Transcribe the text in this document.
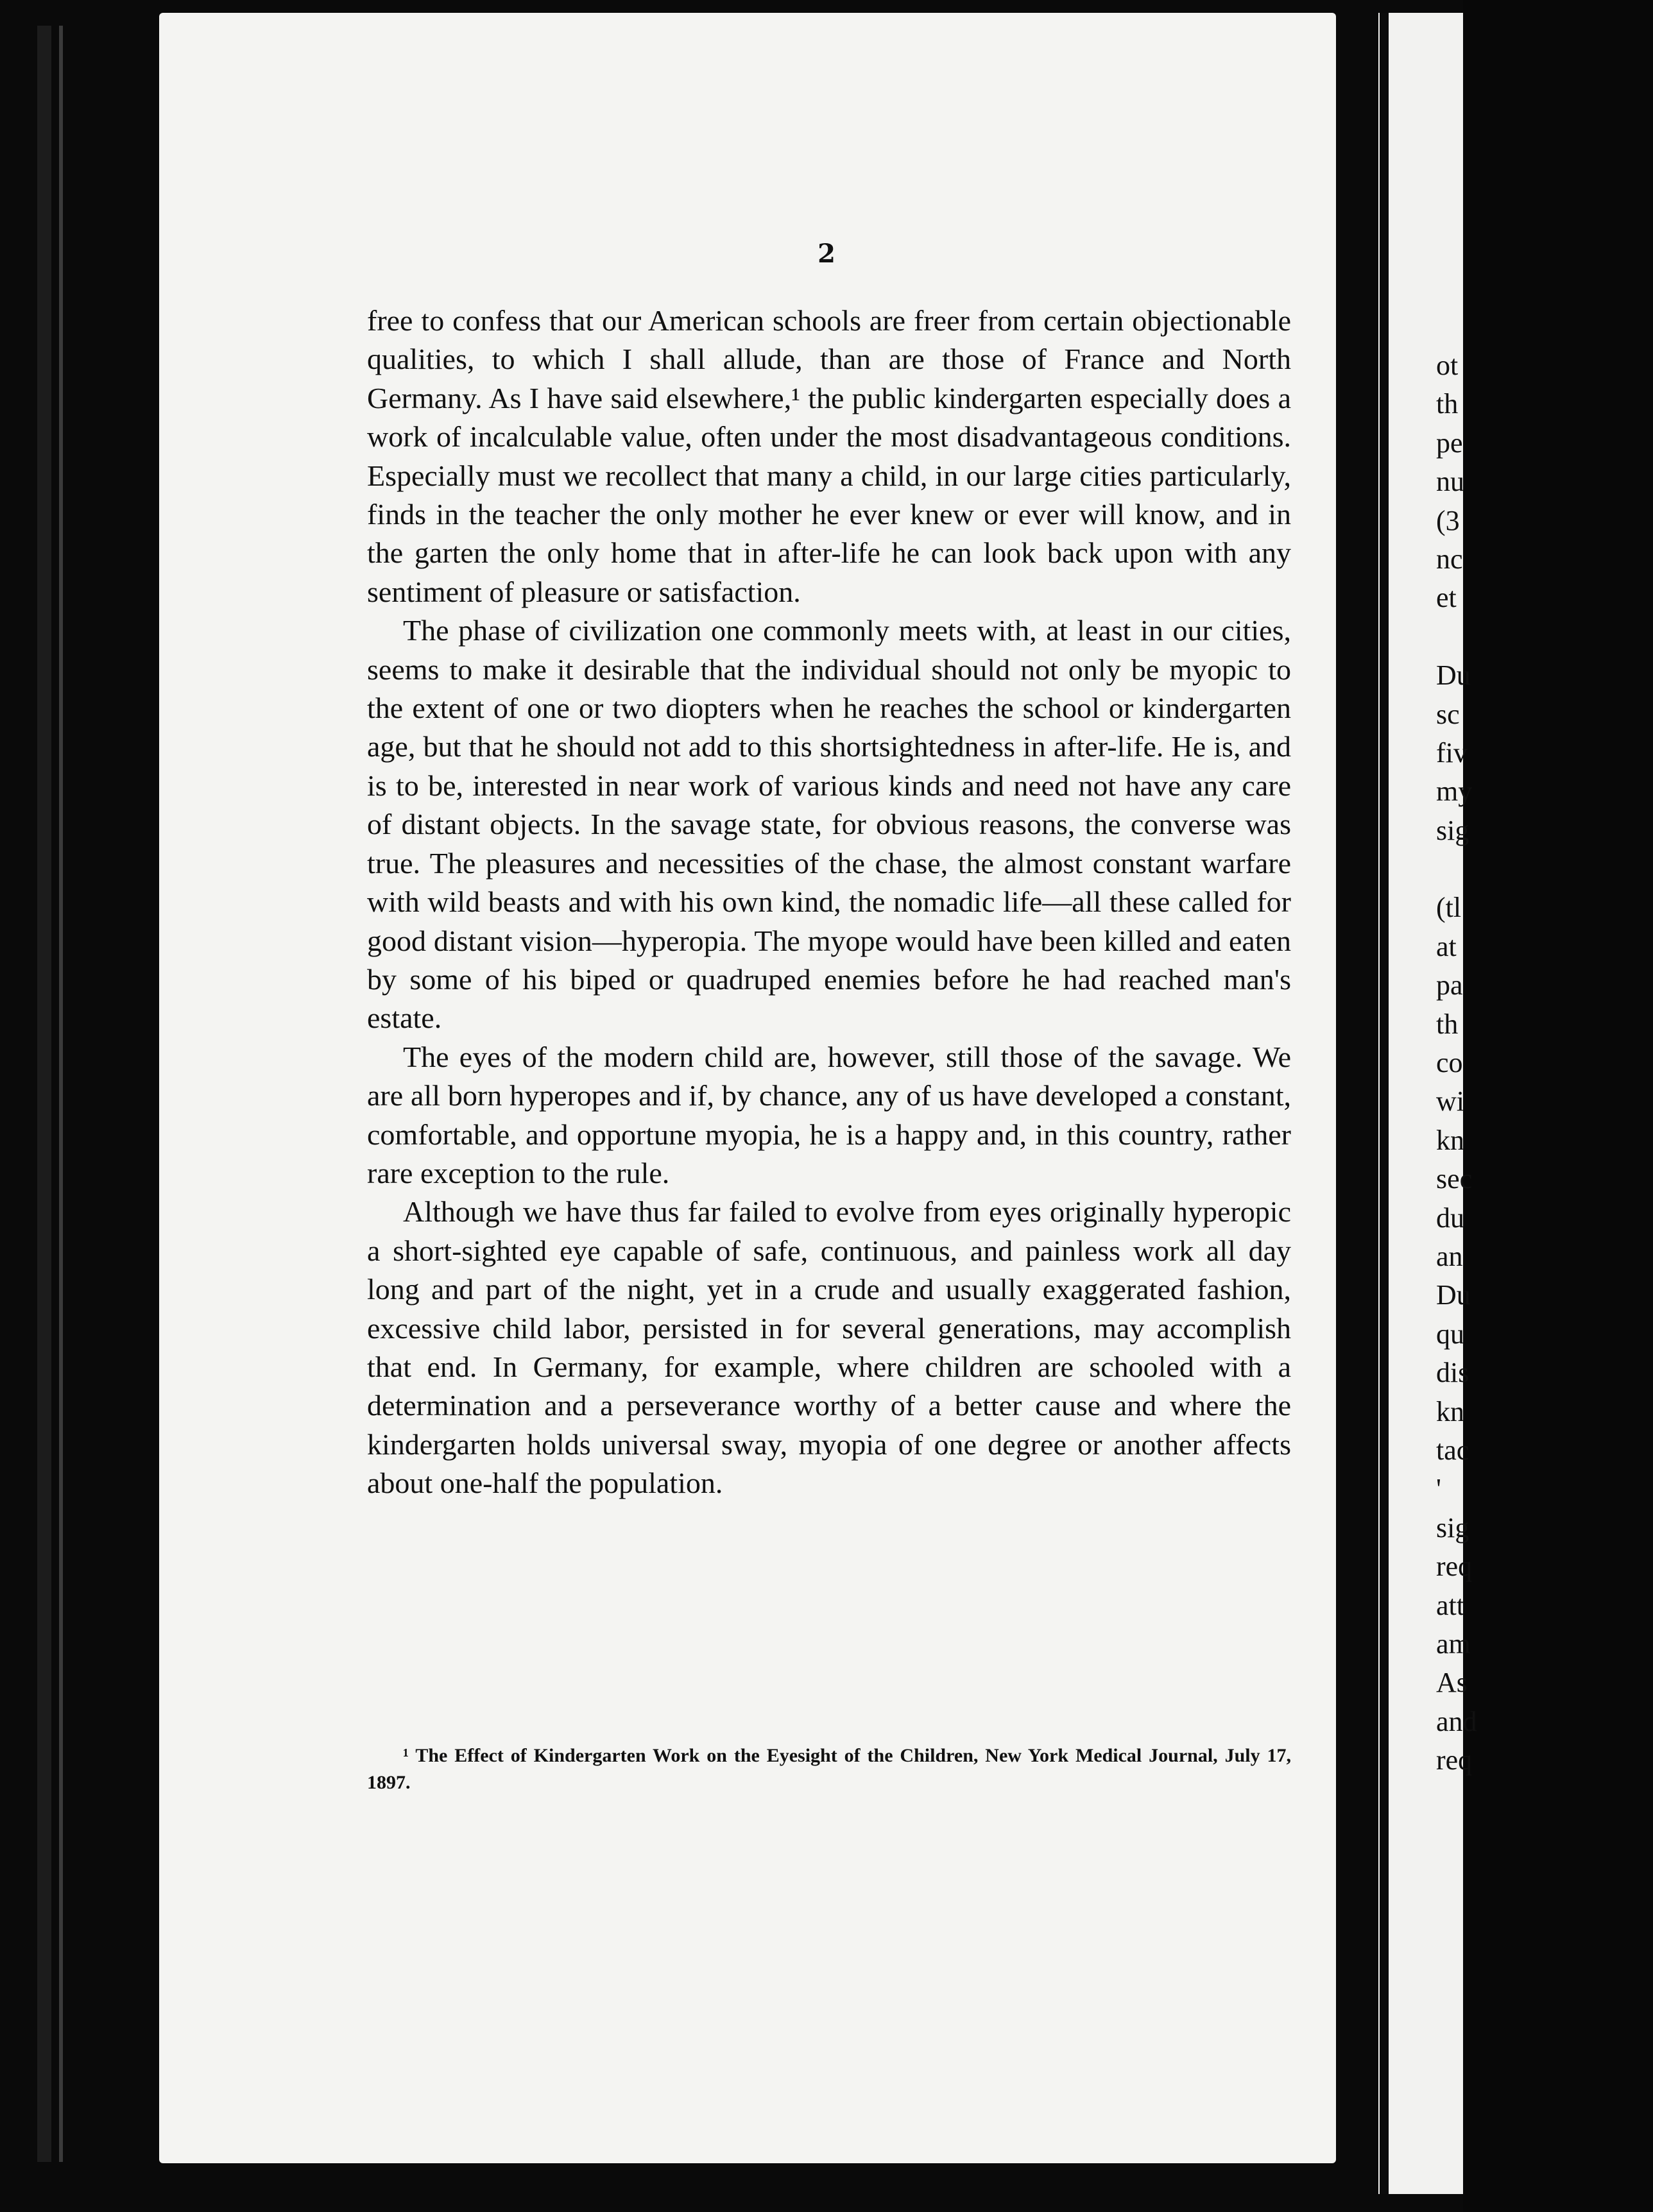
2

free to confess that our American schools are freer from certain objectionable qualities, to which I shall allude, than are those of France and North Germany. As I have said elsewhere,¹ the public kindergarten especially does a work of incalculable value, often under the most disadvantageous conditions. Especially must we recollect that many a child, in our large cities particularly, finds in the teacher the only mother he ever knew or ever will know, and in the garten the only home that in after-life he can look back upon with any sentiment of pleasure or satisfaction.

The phase of civilization one commonly meets with, at least in our cities, seems to make it desirable that the individual should not only be myopic to the extent of one or two diopters when he reaches the school or kindergarten age, but that he should not add to this shortsightedness in after-life. He is, and is to be, interested in near work of various kinds and need not have any care of distant objects. In the savage state, for obvious reasons, the converse was true. The pleasures and necessities of the chase, the almost constant warfare with wild beasts and with his own kind, the nomadic life—all these called for good distant vision—hyperopia. The myope would have been killed and eaten by some of his biped or quadruped enemies before he had reached man's estate.

The eyes of the modern child are, however, still those of the savage. We are all born hyperopes and if, by chance, any of us have developed a constant, comfortable, and opportune myopia, he is a happy and, in this country, rather rare exception to the rule.

Although we have thus far failed to evolve from eyes originally hyperopic a short-sighted eye capable of safe, continuous, and painless work all day long and part of the night, yet in a crude and usually exaggerated fashion, excessive child labor, persisted in for several generations, may accomplish that end. In Germany, for example, where children are schooled with a determination and a perseverance worthy of a better cause and where the kindergarten holds universal sway, myopia of one degree or another affects about one-half the population.

¹ The Effect of Kindergarten Work on the Eyesight of the Children, New York Medical Journal, July 17, 1897.
ot
th
pe
nu
(3
nc
et
Du
sc
fiv
my
sig
(tl
at
pa
th
co
wi
kn
sec
du
an
Du
qu
dis
kn
tac
'
sig
req
att
am
As
and
req
